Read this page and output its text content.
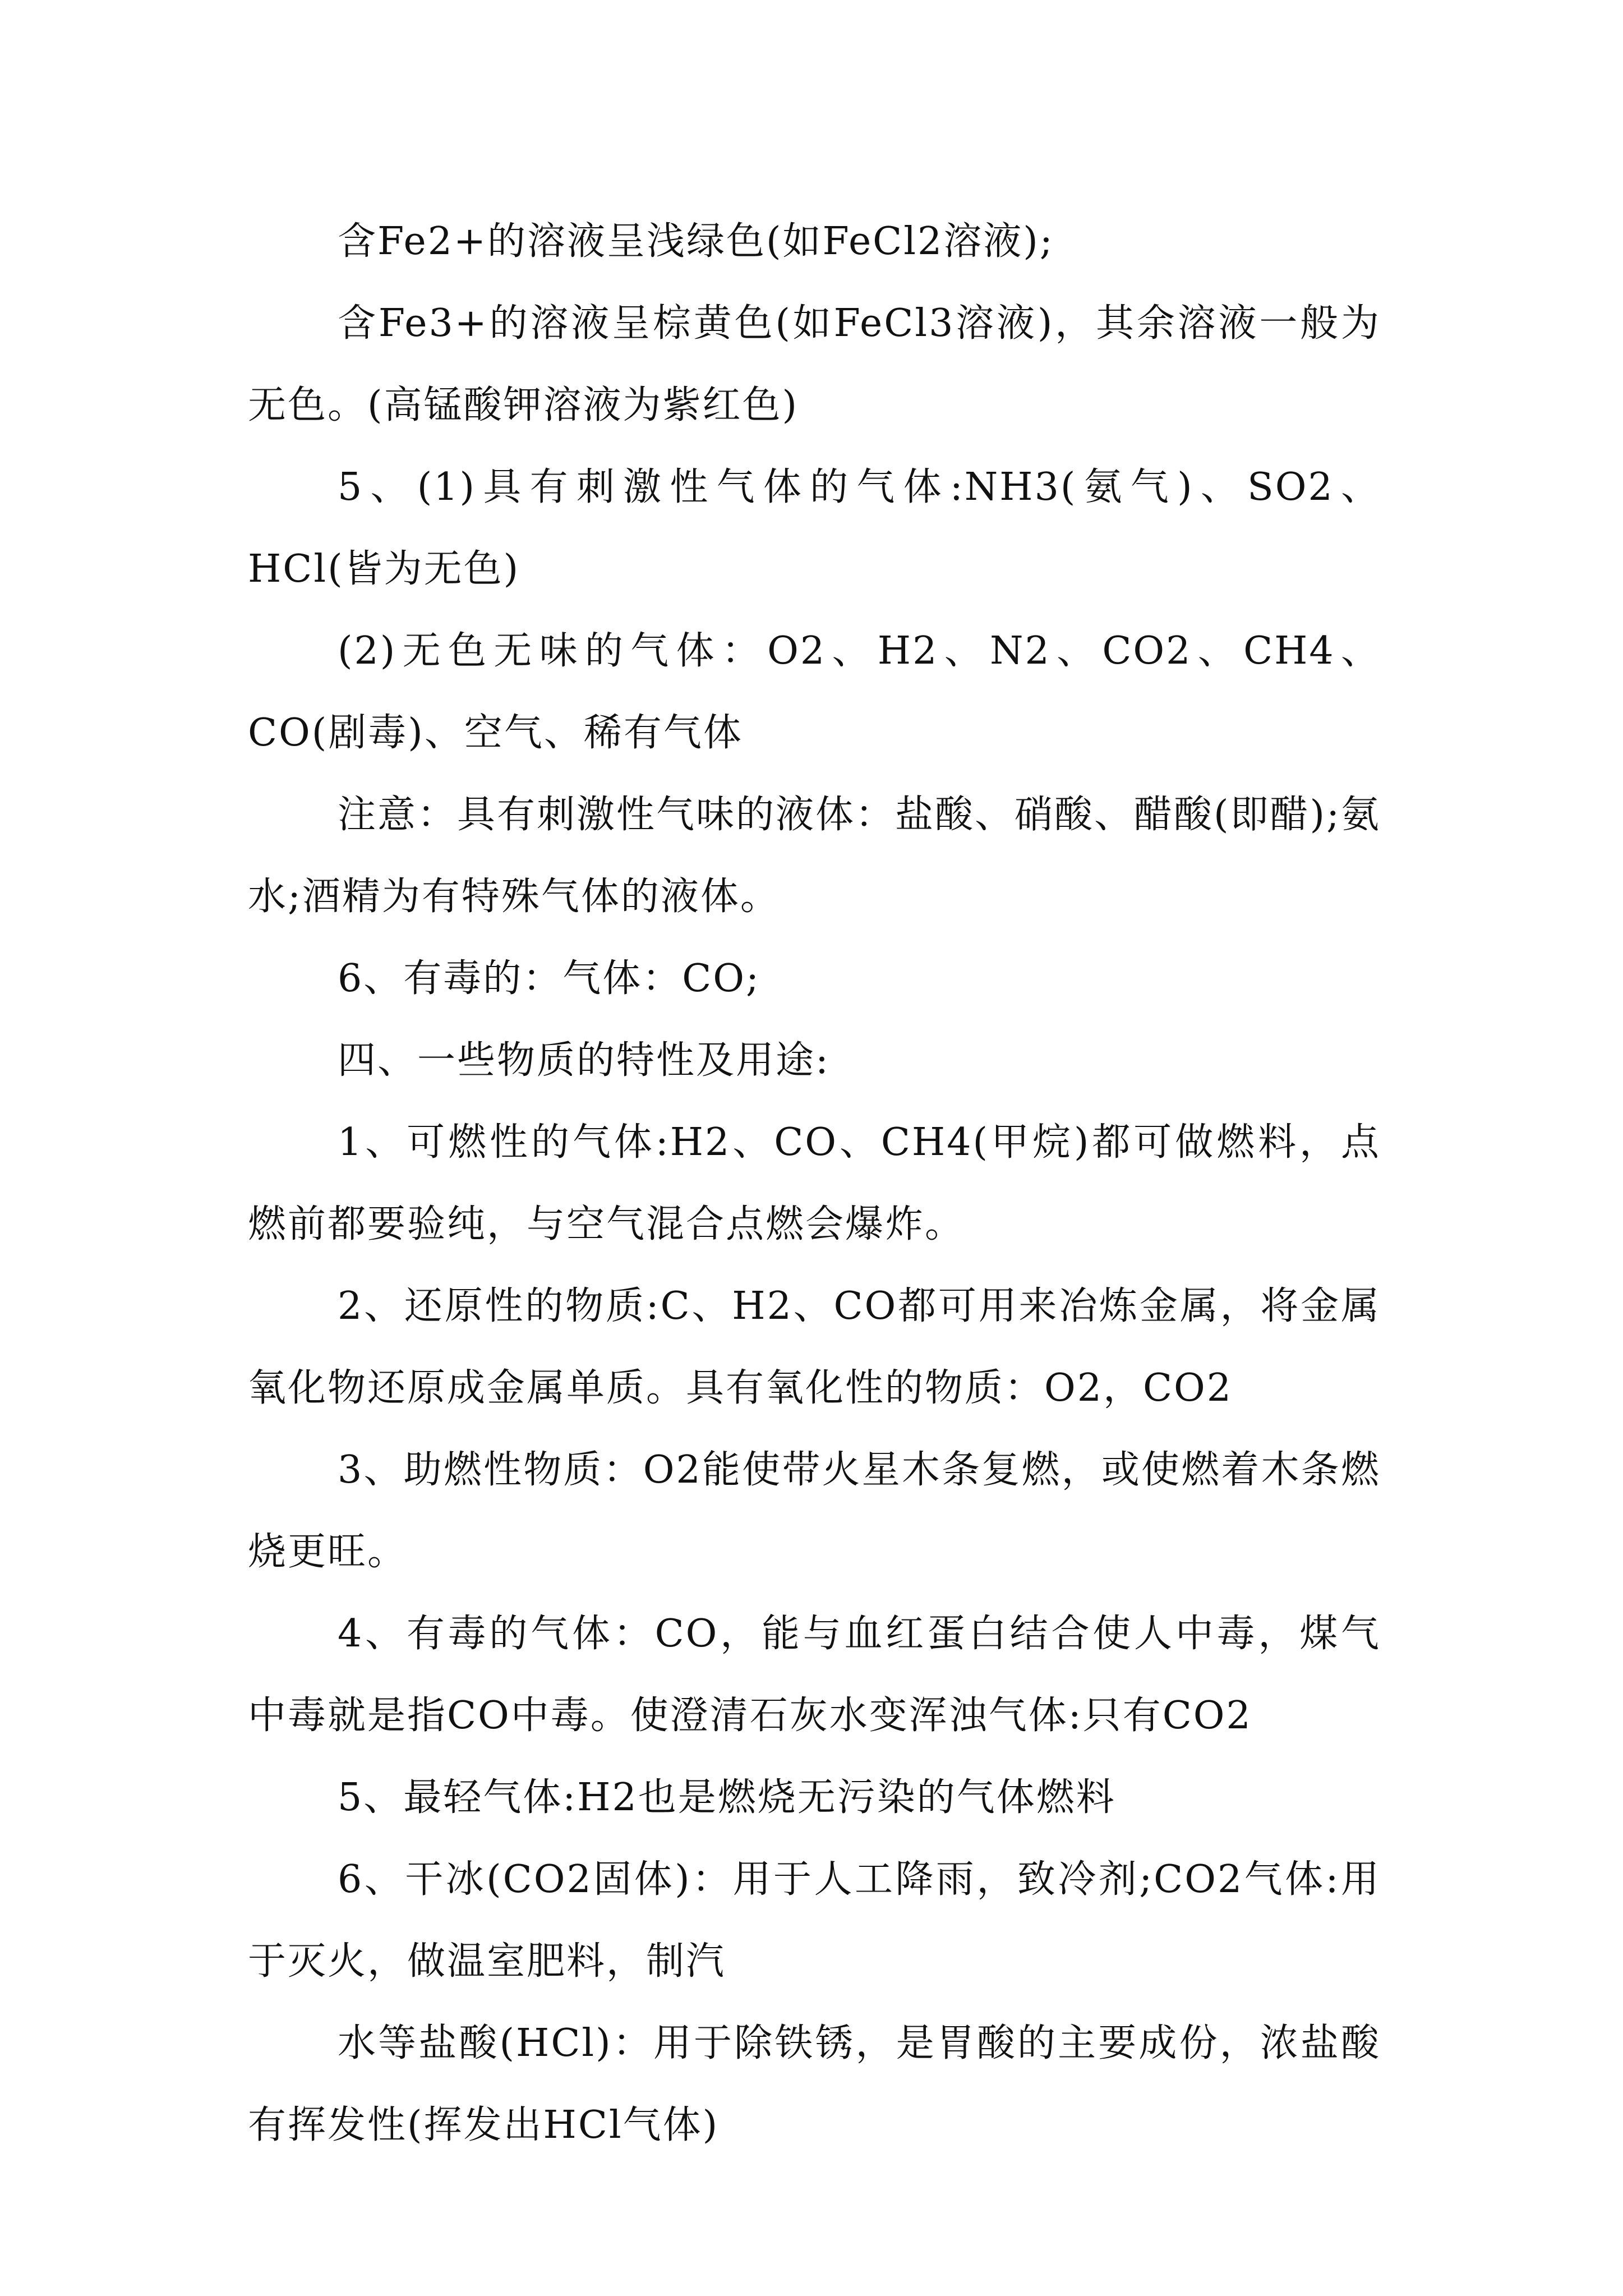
含Fe2+的溶液呈浅绿色(如FeCl2溶液);

含Fe3+的溶液呈棕黄色(如FeCl3溶液)，其余溶液一般为无色。(高锰酸钾溶液为紫红色)

5、(1)具有刺激性气体的气体:NH3(氨气)、SO2、HCl(皆为无色)

(2)无色无味的气体：O2、H2、N2、CO2、CH4、CO(剧毒)、空气、稀有气体

注意：具有刺激性气味的液体：盐酸、硝酸、醋酸(即醋);氨水;酒精为有特殊气体的液体。

6、有毒的：气体：CO;

四、一些物质的特性及用途:

1、可燃性的气体:H2、CO、CH4(甲烷)都可做燃料，点燃前都要验纯，与空气混合点燃会爆炸。

2、还原性的物质:C、H2、CO都可用来冶炼金属，将金属氧化物还原成金属单质。具有氧化性的物质：O2，CO2

3、助燃性物质：O2能使带火星木条复燃，或使燃着木条燃烧更旺。

4、有毒的气体：CO，能与血红蛋白结合使人中毒，煤气中毒就是指CO中毒。使澄清石灰水变浑浊气体:只有CO2

5、最轻气体:H2也是燃烧无污染的气体燃料

6、干冰(CO2固体)：用于人工降雨，致冷剂;CO2气体:用于灭火，做温室肥料，制汽

水等盐酸(HCl)：用于除铁锈，是胃酸的主要成份，浓盐酸有挥发性(挥发出HCl气体)
